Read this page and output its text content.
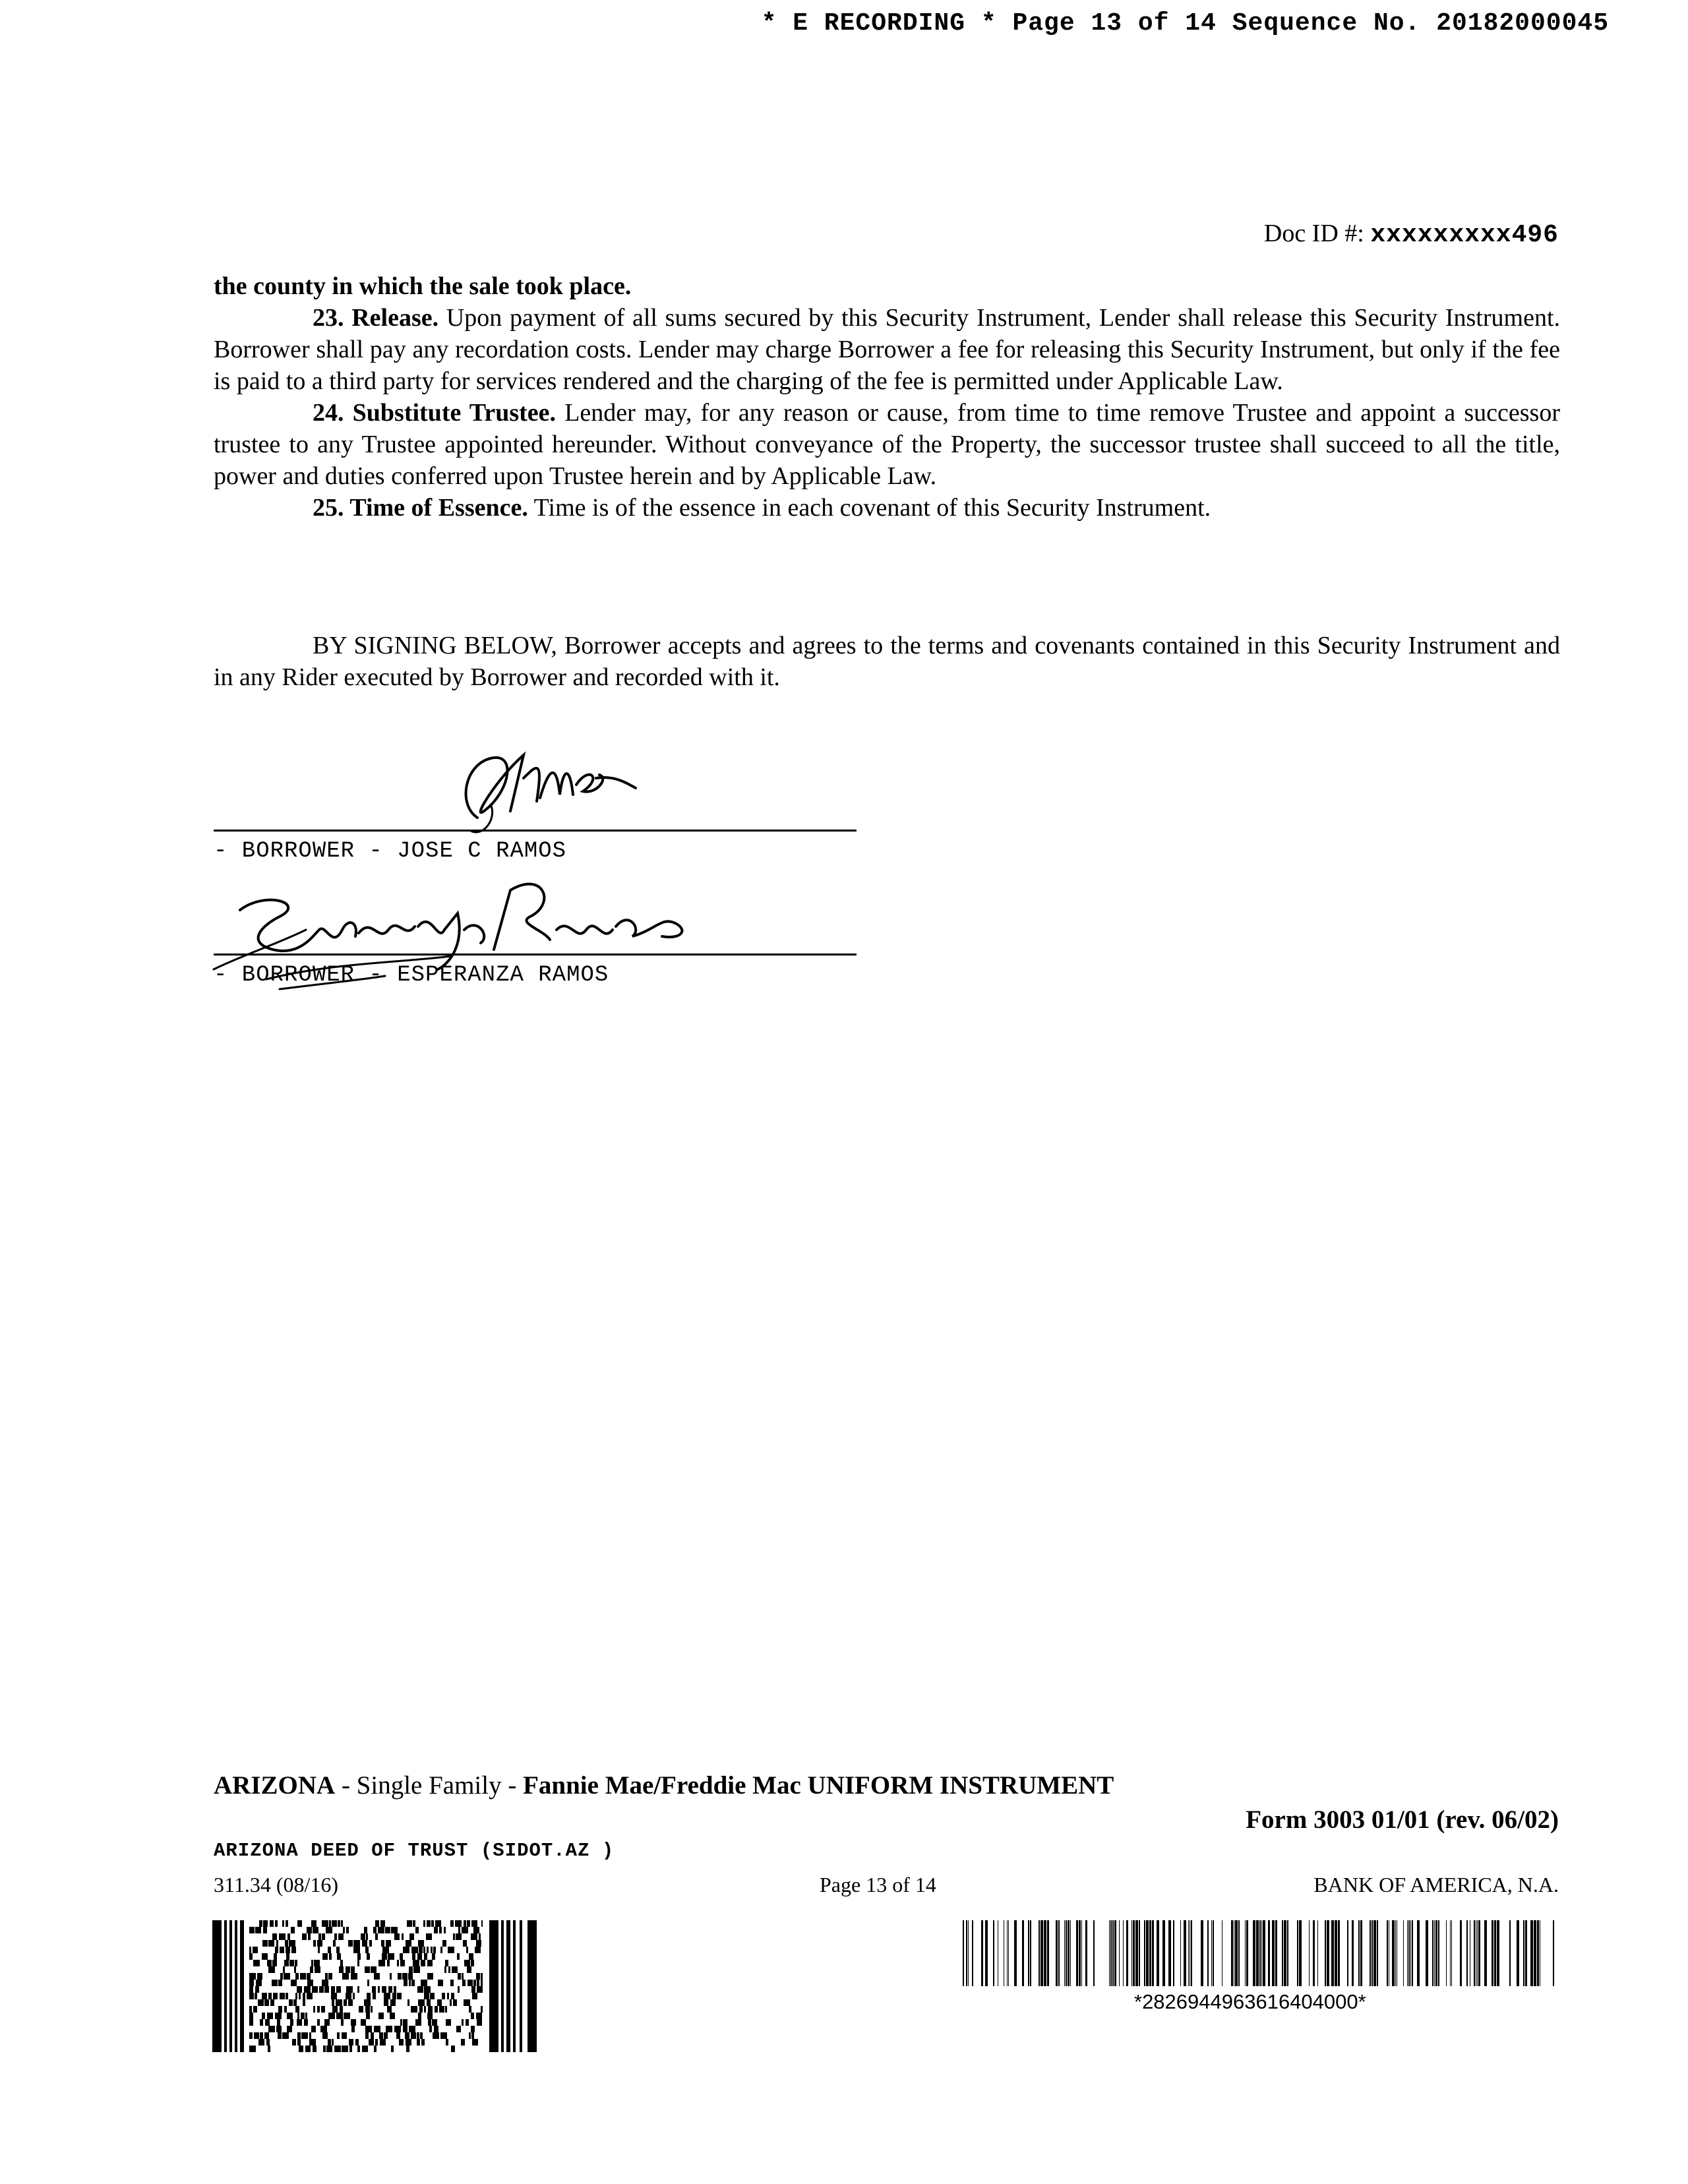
* E RECORDING * Page 13 of 14 Sequence No. 20182000045
Doc ID #: xxxxxxxxx496

the county in which the sale took place.

23. Release. Upon payment of all sums secured by this Security Instrument, Lender shall release this Security Instrument. Borrower shall pay any recordation costs. Lender may charge Borrower a fee for releasing this Security Instrument, but only if the fee is paid to a third party for services rendered and the charging of the fee is permitted under Applicable Law.

24. Substitute Trustee. Lender may, for any reason or cause, from time to time remove Trustee and appoint a successor trustee to any Trustee appointed hereunder. Without conveyance of the Property, the successor trustee shall succeed to all the title, power and duties conferred upon Trustee herein and by Applicable Law.

25. Time of Essence. Time is of the essence in each covenant of this Security Instrument.

BY SIGNING BELOW, Borrower accepts and agrees to the terms and covenants contained in this Security Instrument and in any Rider executed by Borrower and recorded with it.

- BORROWER - JOSE C RAMOS
- BORROWER - ESPERANZA RAMOS
ARIZONA - Single Family - Fannie Mae/Freddie Mac UNIFORM INSTRUMENT
Form 3003 01/01 (rev. 06/02)
ARIZONA DEED OF TRUST (SIDOT.AZ )
311.34 (08/16)	Page 13 of 14	BANK OF AMERICA, N.A.
*2826944963616404000*
